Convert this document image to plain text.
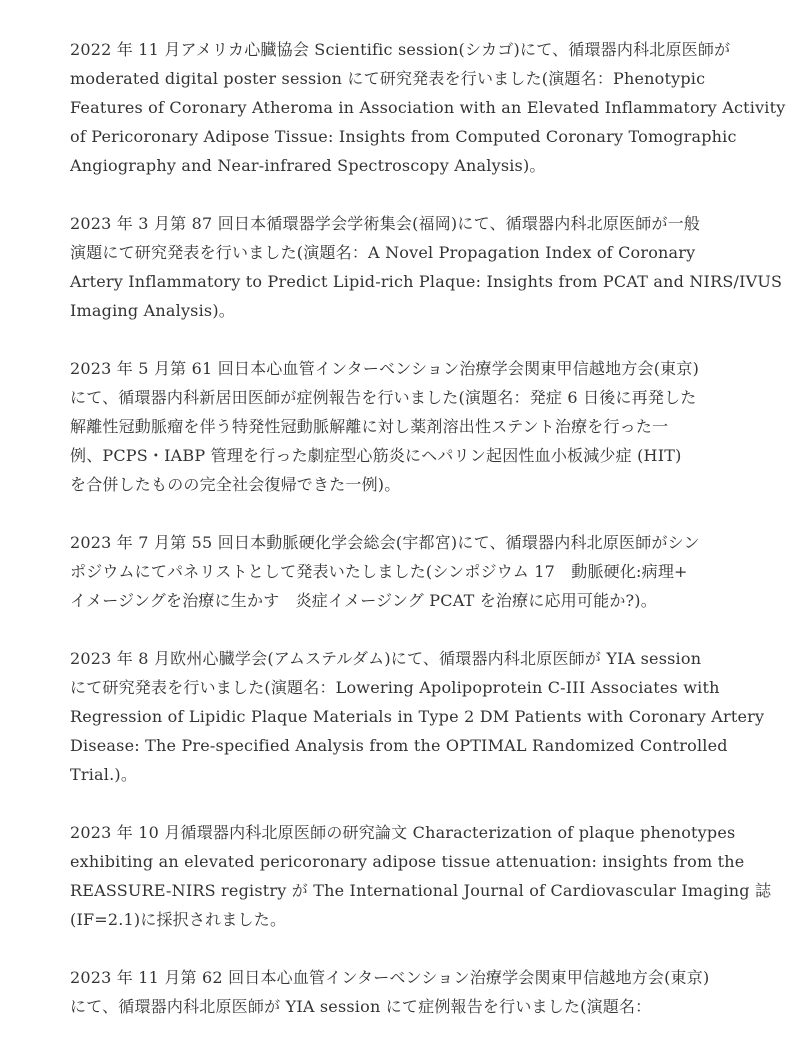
2022 年 11 月アメリカ心臓協会 Scientific session(シカゴ)にて、循環器内科北原医師が
moderated digital poster session にて研究発表を行いました(演題名：Phenotypic
Features of Coronary Atheroma in Association with an Elevated Inflammatory Activity
of Pericoronary Adipose Tissue: Insights from Computed Coronary Tomographic
Angiography and Near-infrared Spectroscopy Analysis)。

2023 年 3 月第 87 回日本循環器学会学術集会(福岡)にて、循環器内科北原医師が一般
演題にて研究発表を行いました(演題名：A Novel Propagation Index of Coronary
Artery Inflammatory to Predict Lipid-rich Plaque: Insights from PCAT and NIRS/IVUS
Imaging Analysis)。

2023 年 5 月第 61 回日本心血管インターベンション治療学会関東甲信越地方会(東京)
にて、循環器内科新居田医師が症例報告を行いました(演題名：発症 6 日後に再発した
解離性冠動脈瘤を伴う特発性冠動脈解離に対し薬剤溶出性ステント治療を行った一
例、PCPS・IABP 管理を行った劇症型心筋炎にヘパリン起因性血小板減少症 (HIT)
を合併したものの完全社会復帰できた一例)。

2023 年 7 月第 55 回日本動脈硬化学会総会(宇都宮)にて、循環器内科北原医師がシン
ポジウムにてパネリストとして発表いたしました(シンポジウム 17　動脈硬化:病理+
イメージングを治療に生かす　炎症イメージング PCAT を治療に応用可能か?)。

2023 年 8 月欧州心臓学会(アムステルダム)にて、循環器内科北原医師が YIA session
にて研究発表を行いました(演題名：Lowering Apolipoprotein C-III Associates with
Regression of Lipidic Plaque Materials in Type 2 DM Patients with Coronary Artery
Disease: The Pre-specified Analysis from the OPTIMAL Randomized Controlled
Trial.)。

2023 年 10 月循環器内科北原医師の研究論文 Characterization of plaque phenotypes
exhibiting an elevated pericoronary adipose tissue attenuation: insights from the
REASSURE-NIRS registry が The International Journal of Cardiovascular Imaging 誌
(IF=2.1)に採択されました。

2023 年 11 月第 62 回日本心血管インターベンション治療学会関東甲信越地方会(東京)
にて、循環器内科北原医師が YIA session にて症例報告を行いました(演題名：
